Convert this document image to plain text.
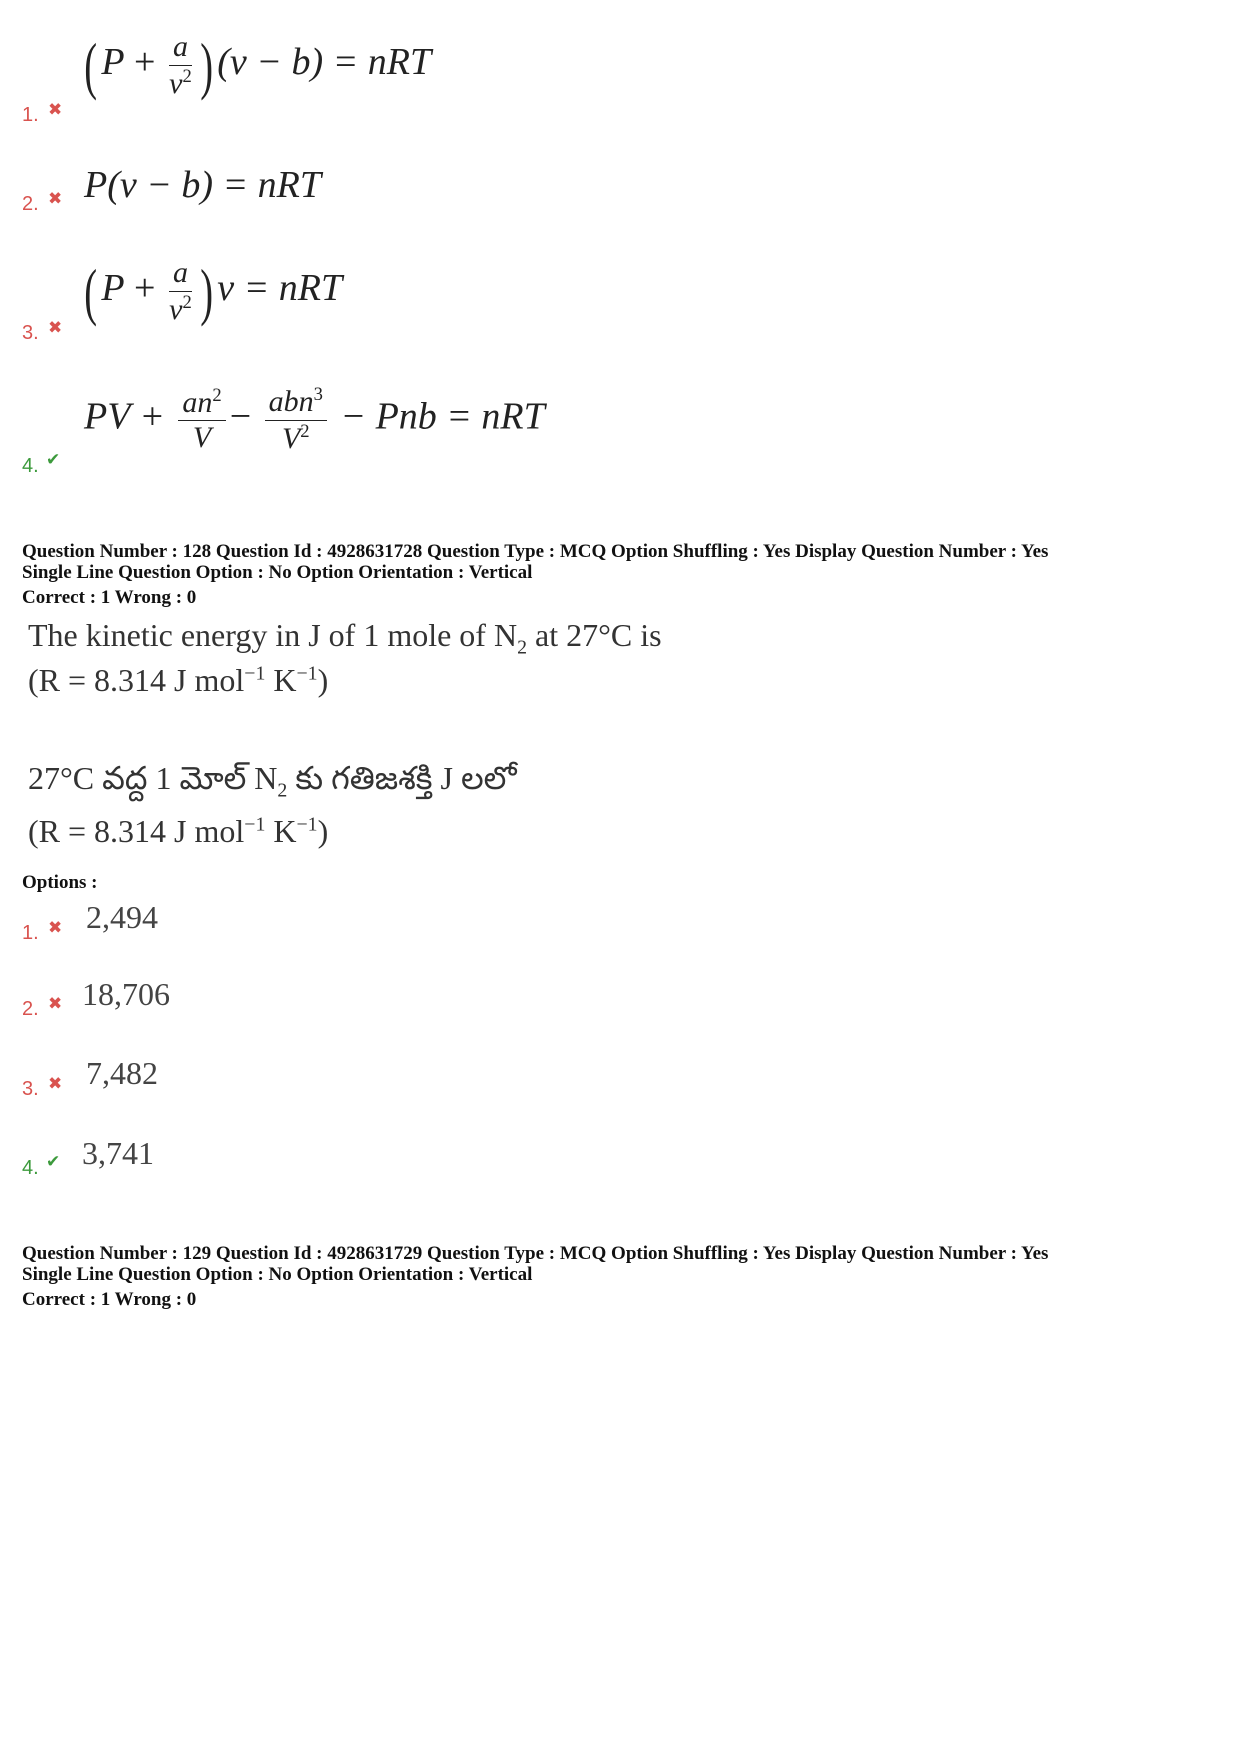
1. ✖
( $P + \frac{a}{v^2}$ ) (v − b) = nRT
2. ✖ P(v − b) = nRT
3. ✖
( $P + \frac{a}{v^2}$ ) v = nRT
4. ✔
PV + $\frac{an^2}{V} - \frac{abn^3}{V^2}$ − Pnb = nRT
Question Number : 128 Question Id : 4928631728 Question Type : MCQ Option Shuffling : Yes Display Question Number : Yes
Single Line Question Option : No Option Orientation : Vertical
Correct : 1 Wrong : 0
The kinetic energy in J of 1 mole of $N_2$ at 27°C is
(R = 8.314 J mol$^{-1}$ $K^{-1}$)
27°C వద్ద 1 మోల్ $N_2$ కు గతిజశక్తి J లలో
(R = 8.314 J mol$^{-1}$ $K^{-1}$)
Options :
1. ✖ 2,494
2. ✖ 18,706
3. ✖ 7,482
4. ✔ 3,741
Question Number : 129 Question Id : 4928631729 Question Type : MCQ Option Shuffling : Yes Display Question Number : Yes
Single Line Question Option : No Option Orientation : Vertical
Correct : 1 Wrong : 0
